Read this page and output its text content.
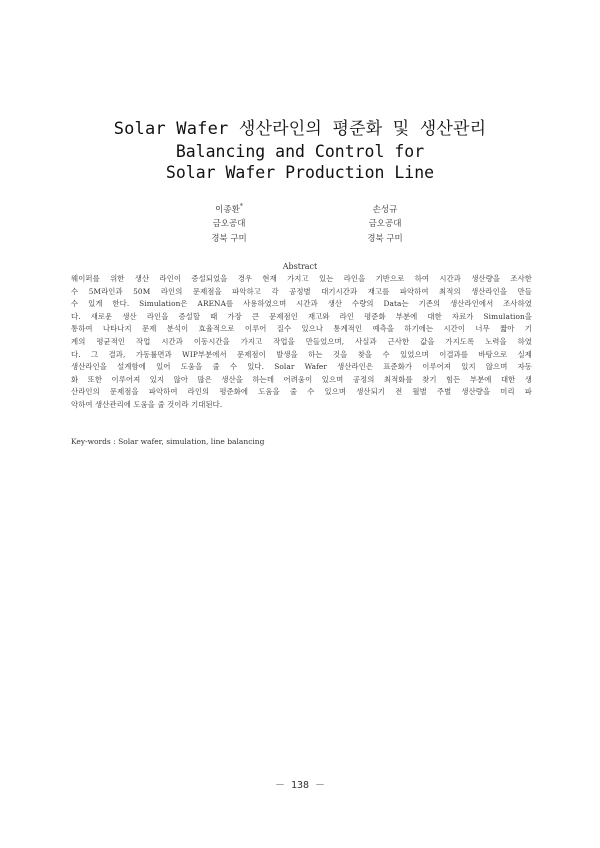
Solar Wafer 생산라인의 평준화 및 생산관리
Balancing and Control for
Solar Wafer Production Line
이종환*
금오공대
경북 구미
손성규
금오공대
경북 구미
Abstract
웨이퍼를 위한 생산 라인이 증설되었을 경우 현재 가지고 있는 라인을 기반으로 하여 시간과 생산량을 조사한
수 5M라인과 50M 라인의 문제점을 파악하고 각 공정별 대기시간과 재고를 파악하여 최적의 생산라인을 만들
수 있게 한다. Simulation은 ARENA를 사용하였으며 시간과 생산 수량의 Data는 기존의 생산라인에서 조사하였
다. 새로운 생산 라인을 증설할 때 가장 큰 문제점인 재고와 라인 평준화 부분에 대한 자료가 Simulation을
통하여 나타나지 문제 분석이 효율적으로 이루어 질수 있으나 통계적인 예측을 하기에는 시간이 너무 짧아 기
계의 평균적인 작업 시간과 이동시간을 가지고 작업을 만들었으며, 사실과 근사한 값을 가지도록 노력을 하였
다. 그 결과, 가동률면과 WIP부분에서 문제점이 발생을 하는 것을 찾을 수 있었으며 이결과를 바탕으로 실제
생산라인을 설계함에 있어 도움을 줄 수 있다. Solar Wafer 생산라인은 표준화가 이루어져 있지 않으며 자동
화 또한 이루어져 있지 않아 많은 생산을 하는데 어려움이 있으며 공정의 최적화를 찾기 힘든 부분에 대한 생
산라인의 문제점을 파악하여 라인의 평준화에 도움을 줄 수 있으며 생산되기 전 월별 주별 생산량을 미리 파
악하여 생산관리에 도움을 줄 것이라 기대된다.
Key-words : Solar wafer, simulation, line balancing
－ 138 －
